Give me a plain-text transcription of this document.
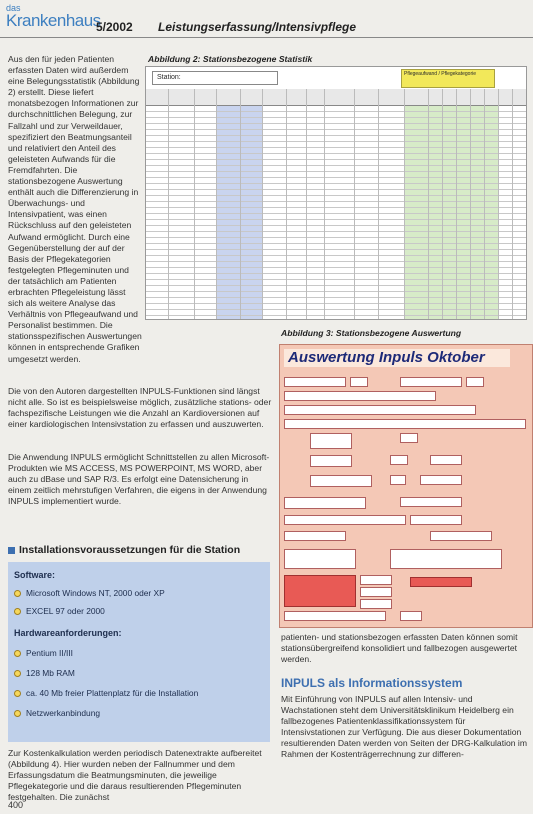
das
Krankenhaus
5/2002 Leistungserfassung/Intensivpflege
Abbildung 2: Stationsbezogene Statistik
Station:	Pflegeaufwand / Pflegekategorie

Aus den für jeden Patienten erfassten Daten wird außerdem eine Belegungsstatistik (Abbildung 2) erstellt. Diese liefert monatsbezogen Informationen zur durchschnittlichen Belegung, zur Fallzahl und zur Verweildauer, spezifiziert den Beatmungsanteil und relativiert den Anteil des geleisteten Aufwands für die Fremdfahrten. Die stationsbezogene Auswertung enthält auch die Differenzierung in Überwachungs- und Intensivpatient, was einen Rückschluss auf den geleisteten Aufwand ermöglicht. Durch eine Gegenüberstellung der auf der Basis der Pflegekategorien festgelegten Pflegeminuten und der tatsächlich am Patienten erbrachten Pflegeleistung lässt sich als weitere Analyse das Verhältnis von Pflegeaufwand und Personalist bestimmen. Die stationsspezifischen Auswertungen können in entsprechende Grafiken umgesetzt werden.

Die von den Autoren dargestellten INPULS-Funktionen sind längst nicht alle. So ist es beispielsweise möglich, zusätzliche stations- oder fachspezifische Leistungen wie die Anzahl an Kardioversionen auf einer kardiologischen Intensivstation zu erfassen und auszuwerten.

Die Anwendung INPULS ermöglicht Schnittstellen zu allen Microsoft-Produkten wie MS ACCESS, MS POWERPOINT, MS WORD, aber auch zu dBase und SAP R/3. Es erfolgt eine Datensicherung in einem zeitlich mehrstufigen Verfahren, die eigens in der Anwendung INPULS implementiert wurde.

Installationsvoraussetzungen für die Station
Software:
Microsoft Windows NT, 2000 oder XP
EXCEL 97 oder 2000
Hardwareanforderungen:
Pentium II/III
128 Mb RAM
ca. 40 Mb freier Plattenplatz für die Installation
Netzwerkanbindung

Zur Kostenkalkulation werden periodisch Datenextrakte aufbereitet (Abbildung 4). Hier wurden neben der Fallnummer und dem Erfassungsdatum die Beatmungsminuten, die jeweilige Pflegekategorie und die daraus resultierenden Pflegeminuten festgehalten. Die zunächst

Abbildung 3: Stationsbezogene Auswertung
Auswertung Inpuls Oktober

patienten- und stationsbezogen erfassten Daten können somit stationsübergreifend konsolidiert und fallbezogen ausgewertet werden.

INPULS als Informationssystem

Mit Einführung von INPULS auf allen Intensiv- und Wachstationen steht dem Universitätsklinikum Heidelberg ein fallbezogenes Patientenklassifikationssystem für Intensivstationen zur Verfügung. Die aus dieser Dokumentation resultierenden Daten werden von Seiten der DRG-Kalkulation im Rahmen der Kostenträgerrechnung zur differen-

400
